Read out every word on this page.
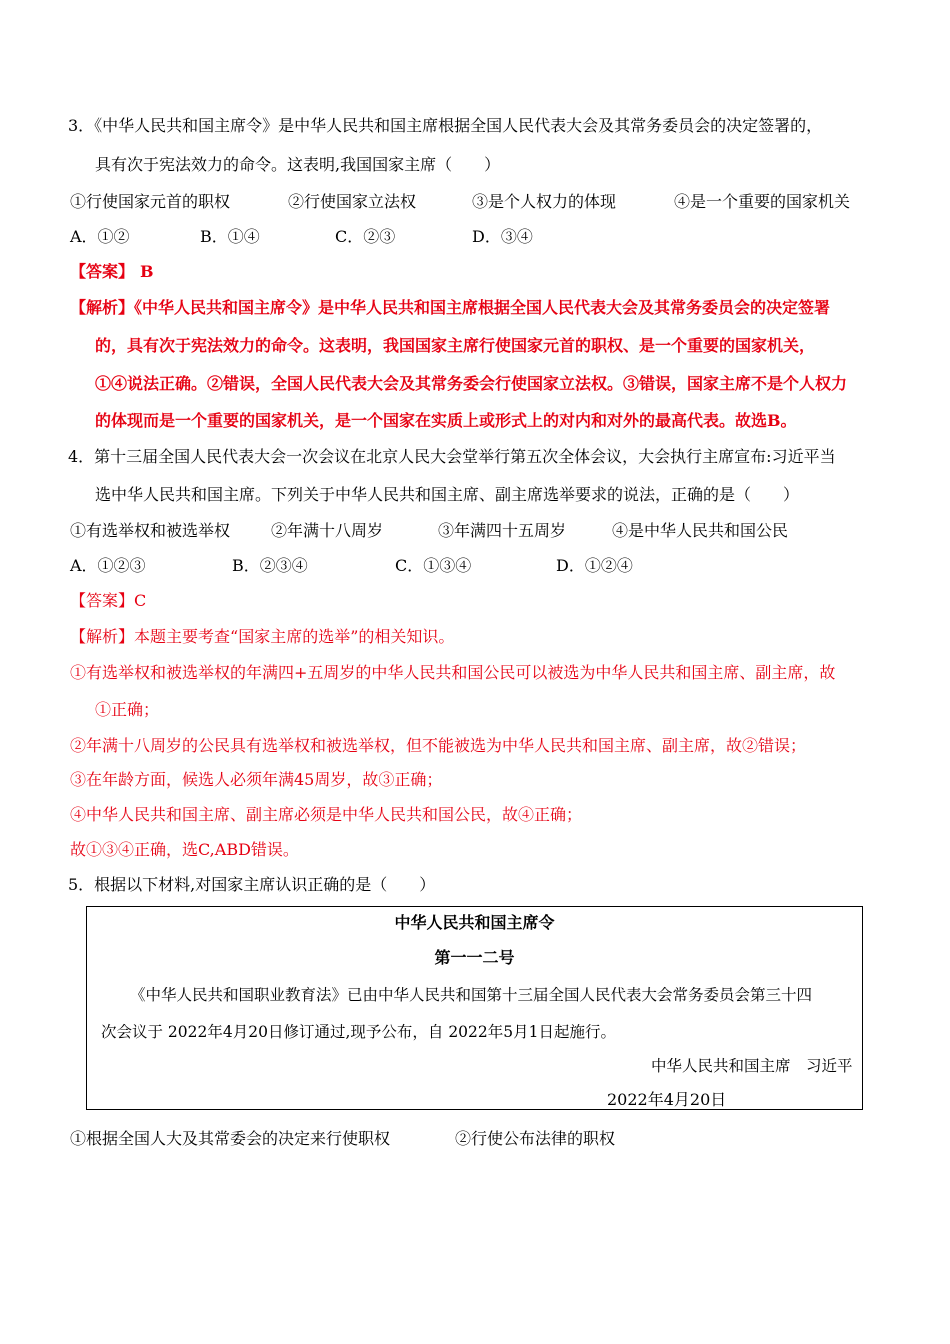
3．《中华人民共和国主席令》是中华人民共和国主席根据全国人民代表大会及其常务委员会的决定签署的，
具有次于宪法效力的命令。这表明,我国国家主席（　　）
①行使国家元首的职权	②行使国家立法权	③是个人权力的体现	④是一个重要的国家机关
A．①②	B．①④	C．②③	D．③④
【答案】 B
【解析】《中华人民共和国主席令》是中华人民共和国主席根据全国人民代表大会及其常务委员会的决定签署
的，具有次于宪法效力的命令。这表明，我国国家主席行使国家元首的职权、是一个重要的国家机关，
①④说法正确。②错误，全国人民代表大会及其常务委会行使国家立法权。③错误，国家主席不是个人权力
的体现而是一个重要的国家机关，是一个国家在实质上或形式上的对内和对外的最高代表。故选B。
4．第十三届全国人民代表大会一次会议在北京人民大会堂举行第五次全体会议，大会执行主席宣布:习近平当
选中华人民共和国主席。下列关于中华人民共和国主席、副主席选举要求的说法，正确的是（　　）
①有选举权和被选举权	②年满十八周岁	③年满四十五周岁	④是中华人民共和国公民
A．①②③	B．②③④	C．①③④	D．①②④
【答案】C
【解析】本题主要考查“国家主席的选举”的相关知识。
①有选举权和被选举权的年满四+五周岁的中华人民共和国公民可以被选为中华人民共和国主席、副主席，故
①正确；
②年满十八周岁的公民具有选举权和被选举权，但不能被选为中华人民共和国主席、副主席，故②错误；
③在年龄方面，候选人必须年满45周岁，故③正确；
④中华人民共和国主席、副主席必须是中华人民共和国公民，故④正确；
故①③④正确，选C,ABD错误。
5．根据以下材料,对国家主席认识正确的是（　　）
中华人民共和国主席令
第一一二号
《中华人民共和国职业教育法》已由中华人民共和国第十三届全国人民代表大会常务委员会第三十四
次会议于 2022年4月20日修订通过,现予公布，自 2022年5月1日起施行。
中华人民共和国主席　习近平
2022年4月20日
①根据全国人大及其常委会的决定来行使职权	②行使公布法律的职权
